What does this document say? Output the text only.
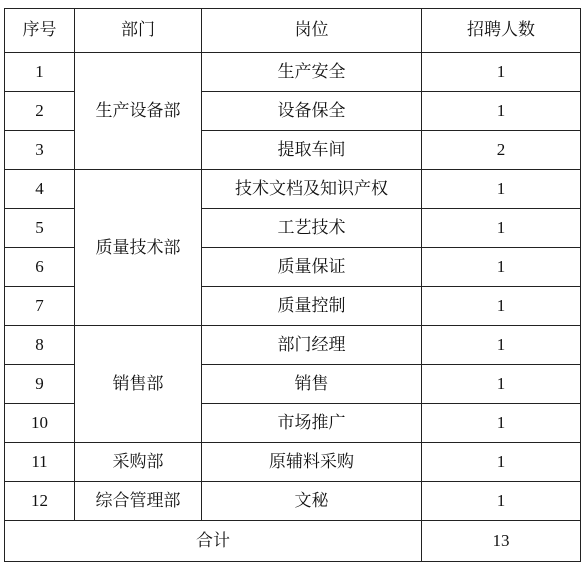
序号	部门	岗位	招聘人数
1	生产设备部	生产安全	1
2		设备保全	1
3		提取车间	2
4	质量技术部	技术文档及知识产权	1
5		工艺技术	1
6		质量保证	1
7		质量控制	1
8	销售部	部门经理	1
9		销售	1
10		市场推广	1
11	采购部	原辅料采购	1
12	综合管理部	文秘	1
合计			13
